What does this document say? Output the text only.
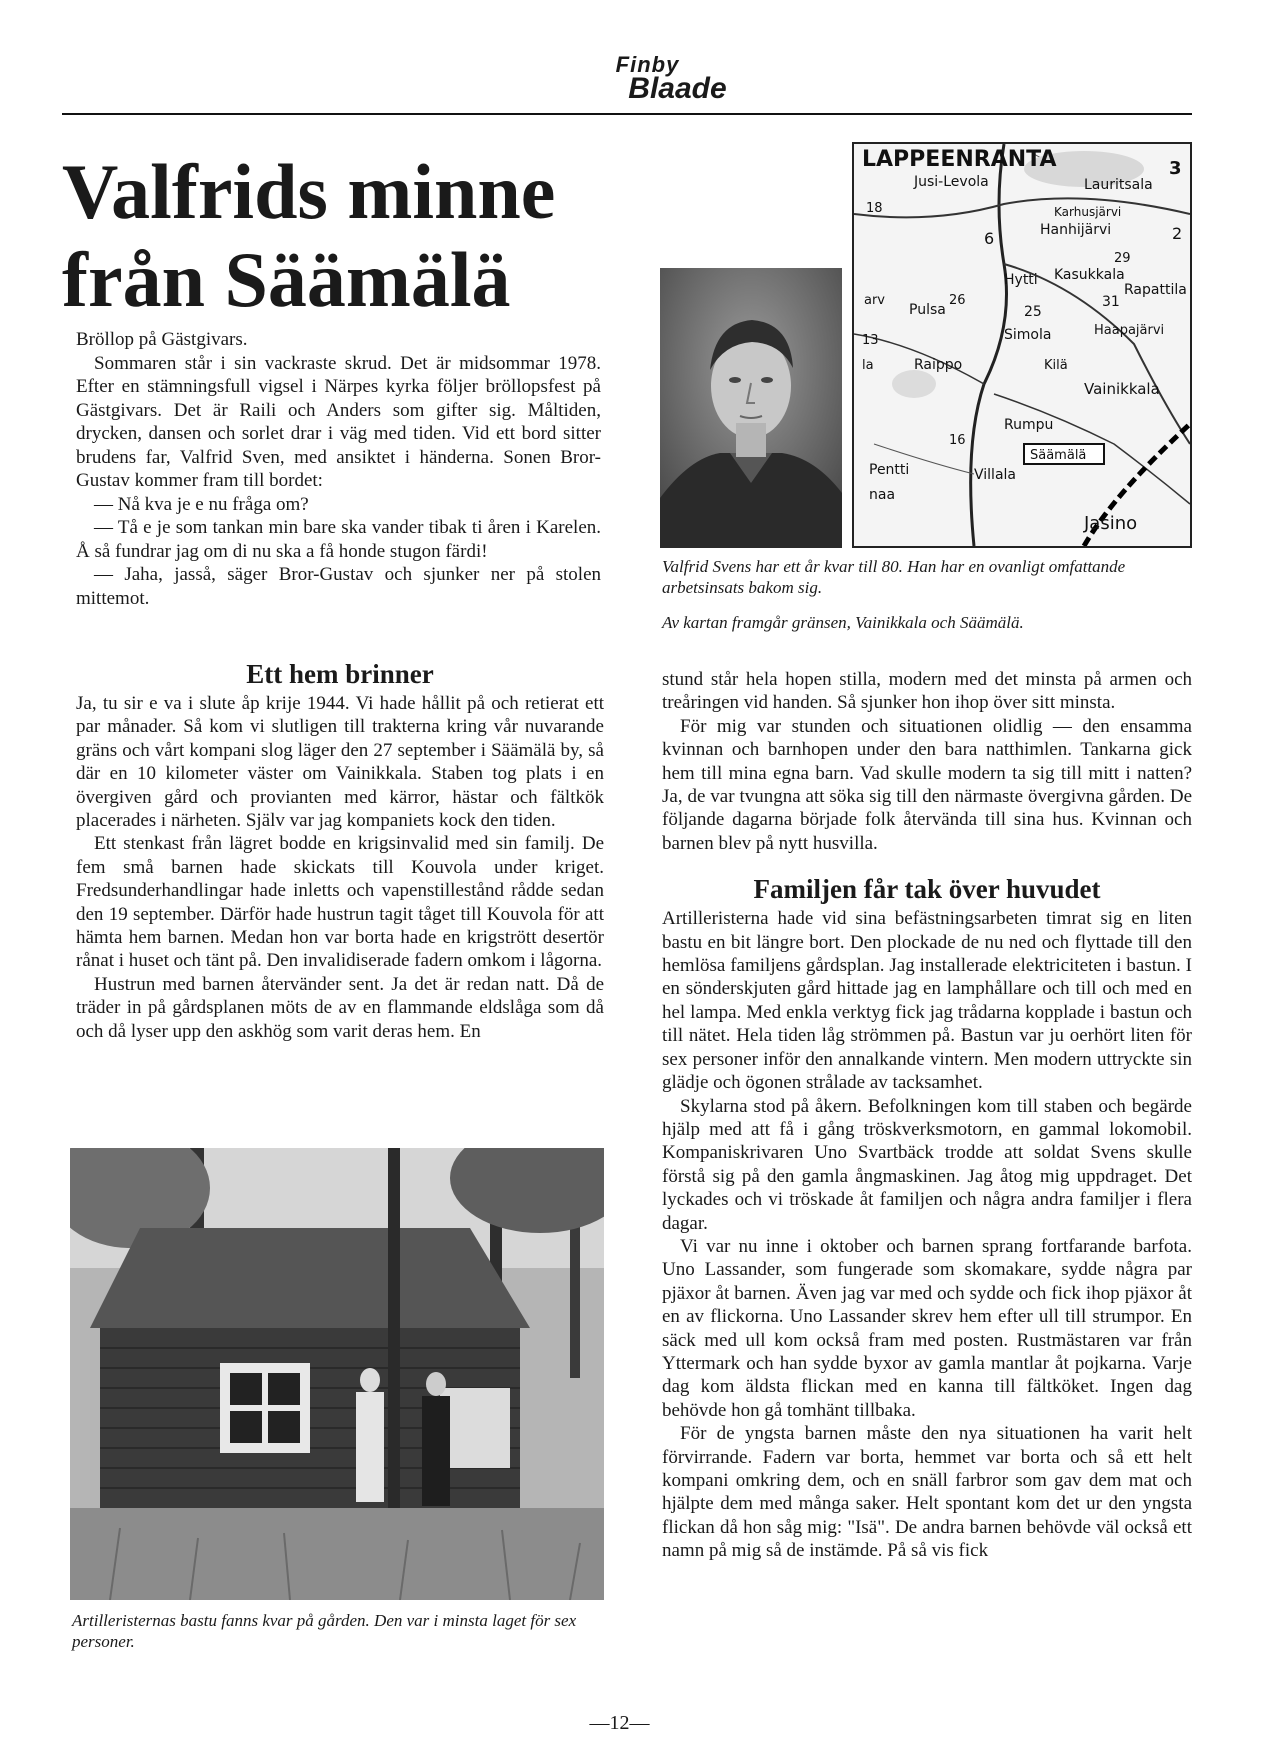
Finby
Blaade
Valfrids minne
från Säämälä

Bröllop på Gästgivars.

Sommaren står i sin vackraste skrud. Det är midsommar 1978. Efter en stämningsfull vigsel i Närpes kyrka följer bröllopsfest på Gästgivars. Det är Raili och Anders som gifter sig. Måltiden, drycken, dansen och sorlet drar i väg med tiden. Vid ett bord sitter brudens far, Valfrid Sven, med ansiktet i händerna. Sonen Bror-Gustav kommer fram till bordet:

— Nå kva je e nu fråga om?

— Tå e je som tankan min bare ska vander tibak ti åren i Karelen. Å så fundrar jag om di nu ska a få honde stugon färdi!

— Jaha, jasså, säger Bror-Gustav och sjunker ner på stolen mittemot.

LAPPEENRANTA
Jusi-Levola	Lauritsala
Karhusjärvi
Hanhijärvi
Hytti Kasukkala
Rapattila
Pulsa
Simola	Haapajärvi
Raippo	Kilä
Vainikkala
Rumpu
Säämälä
Villala
Pentti
Jasino
arv
la
naa
3
18
6	2
29
31
25
26
13
16

Valfrid Svens har ett år kvar till 80. Han har en ovanligt omfattande arbetsinsats bakom sig.

Av kartan framgår gränsen, Vainikkala och Säämälä.

Ett hem brinner

Ja, tu sir e va i slute åp krije 1944. Vi hade hållit på och retierat ett par månader. Så kom vi slutligen till trakterna kring vår nuvarande gräns och vårt kompani slog läger den 27 september i Säämälä by, så där en 10 kilometer väster om Vainikkala. Staben tog plats i en övergiven gård och provianten med kärror, hästar och fältkök placerades i närheten. Själv var jag kompaniets kock den tiden.

Ett stenkast från lägret bodde en krigsinvalid med sin familj. De fem små barnen hade skickats till Kouvola under kriget. Fredsunderhandlingar hade inletts och vapenstillestånd rådde sedan den 19 september. Därför hade hustrun tagit tåget till Kouvola för att hämta hem barnen. Medan hon var borta hade en krigstrött desertör rånat i huset och tänt på. Den invalidiserade fadern omkom i lågorna.

Hustrun med barnen återvänder sent. Ja det är redan natt. Då de träder in på gårdsplanen möts de av en flammande eldslåga som då och då lyser upp den askhög som varit deras hem. En

Artilleristernas bastu fanns kvar på gården. Den var i minsta laget för sex personer.

stund står hela hopen stilla, modern med det minsta på armen och treåringen vid handen. Så sjunker hon ihop över sitt minsta.

För mig var stunden och situationen olidlig — den ensamma kvinnan och barnhopen under den bara natthimlen. Tankarna gick hem till mina egna barn. Vad skulle modern ta sig till mitt i natten? Ja, de var tvungna att söka sig till den närmaste övergivna gården. De följande dagarna började folk återvända till sina hus. Kvinnan och barnen blev på nytt husvilla.

Familjen får tak över huvudet

Artilleristerna hade vid sina befästningsarbeten timrat sig en liten bastu en bit längre bort. Den plockade de nu ned och flyttade till den hemlösa familjens gårdsplan. Jag installerade elektriciteten i bastun. I en sönderskjuten gård hittade jag en lamphållare och till och med en hel lampa. Med enkla verktyg fick jag trådarna kopplade i bastun och till nätet. Hela tiden låg strömmen på. Bastun var ju oerhört liten för sex personer inför den annalkande vintern. Men modern uttryckte sin glädje och ögonen strålade av tacksamhet.

Skylarna stod på åkern. Befolkningen kom till staben och begärde hjälp med att få i gång tröskverksmotorn, en gammal lokomobil. Kompaniskrivaren Uno Svartbäck trodde att soldat Svens skulle förstå sig på den gamla ångmaskinen. Jag åtog mig uppdraget. Det lyckades och vi tröskade åt familjen och några andra familjer i flera dagar.

Vi var nu inne i oktober och barnen sprang fortfarande barfota. Uno Lassander, som fungerade som skomakare, sydde några par pjäxor åt barnen. Även jag var med och sydde och fick ihop pjäxor åt en av flickorna. Uno Lassander skrev hem efter ull till strumpor. En säck med ull kom också fram med posten. Rustmästaren var från Yttermark och han sydde byxor av gamla mantlar åt pojkarna. Varje dag kom äldsta flickan med en kanna till fältköket. Ingen dag behövde hon gå tomhänt tillbaka.

För de yngsta barnen måste den nya situationen ha varit helt förvirrande. Fadern var borta, hemmet var borta och så ett helt kompani omkring dem, och en snäll farbror som gav dem mat och hjälpte dem med många saker. Helt spontant kom det ur den yngsta flickan då hon såg mig: "Isä". De andra barnen behövde väl också ett namn på mig så de instämde. På så vis fick

—12—
